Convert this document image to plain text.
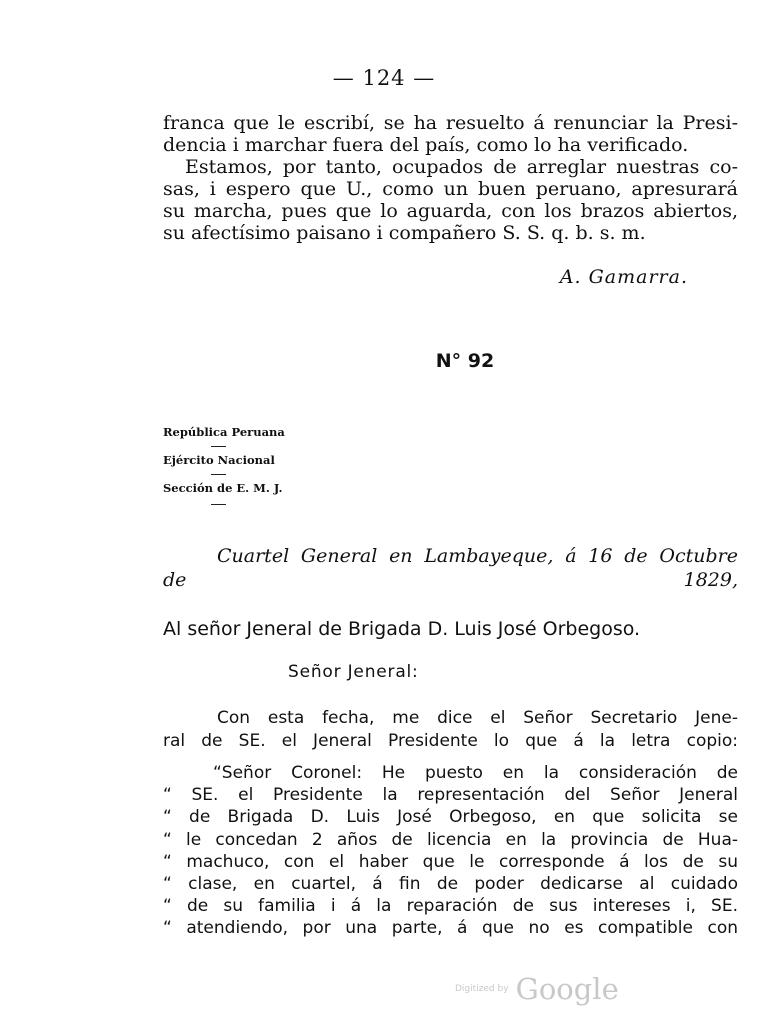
— 124 —
franca que le escribí, se ha resuelto á renunciar la Presi-
dencia i marchar fuera del país, como lo ha verificado.
Estamos, por tanto, ocupados de arreglar nuestras co-
sas, i espero que U., como un buen peruano, apresurará
su marcha, pues que lo aguarda, con los brazos abiertos,
su afectísimo paisano i compañero S. S. q. b. s. m.
A. Gamarra.
N° 92
República Peruana
Ejército Nacional
Sección de E. M. J.
Cuartel General en Lambayeque, á 16 de Octubre
de 1829,
Al señor Jeneral de Brigada D. Luis José Orbegoso.
Señor Jeneral:
Con esta fecha, me dice el Señor Secretario Jene-
ral de SE. el Jeneral Presidente lo que á la letra copio:
“Señor Coronel: He puesto en la consideración de
“ SE. el Presidente la representación del Señor Jeneral
“ de Brigada D. Luis José Orbegoso, en que solicita se
“ le concedan 2 años de licencia en la provincia de Hua-
“ machuco, con el haber que le corresponde á los de su
“ clase, en cuartel, á fin de poder dedicarse al cuidado
“ de su familia i á la reparación de sus intereses i, SE.
“ atendiendo, por una parte, á que no es compatible con
Digitized by Google
